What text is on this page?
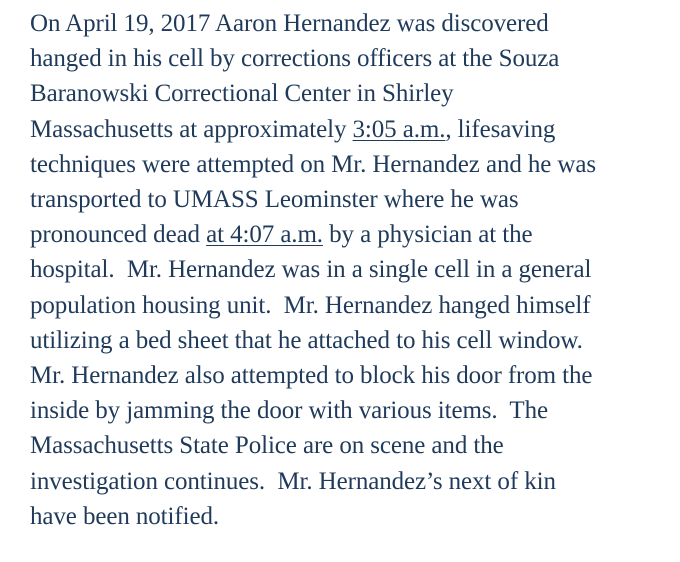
On April 19, 2017 Aaron Hernandez was discovered
hanged in his cell by corrections officers at the Souza
Baranowski Correctional Center in Shirley
Massachusetts at approximately 3:05 a.m., lifesaving
techniques were attempted on Mr. Hernandez and he was
transported to UMASS Leominster where he was
pronounced dead at 4:07 a.m. by a physician at the
hospital.  Mr. Hernandez was in a single cell in a general
population housing unit.  Mr. Hernandez hanged himself
utilizing a bed sheet that he attached to his cell window.
Mr. Hernandez also attempted to block his door from the
inside by jamming the door with various items.  The
Massachusetts State Police are on scene and the
investigation continues.  Mr. Hernandez’s next of kin
have been notified.
